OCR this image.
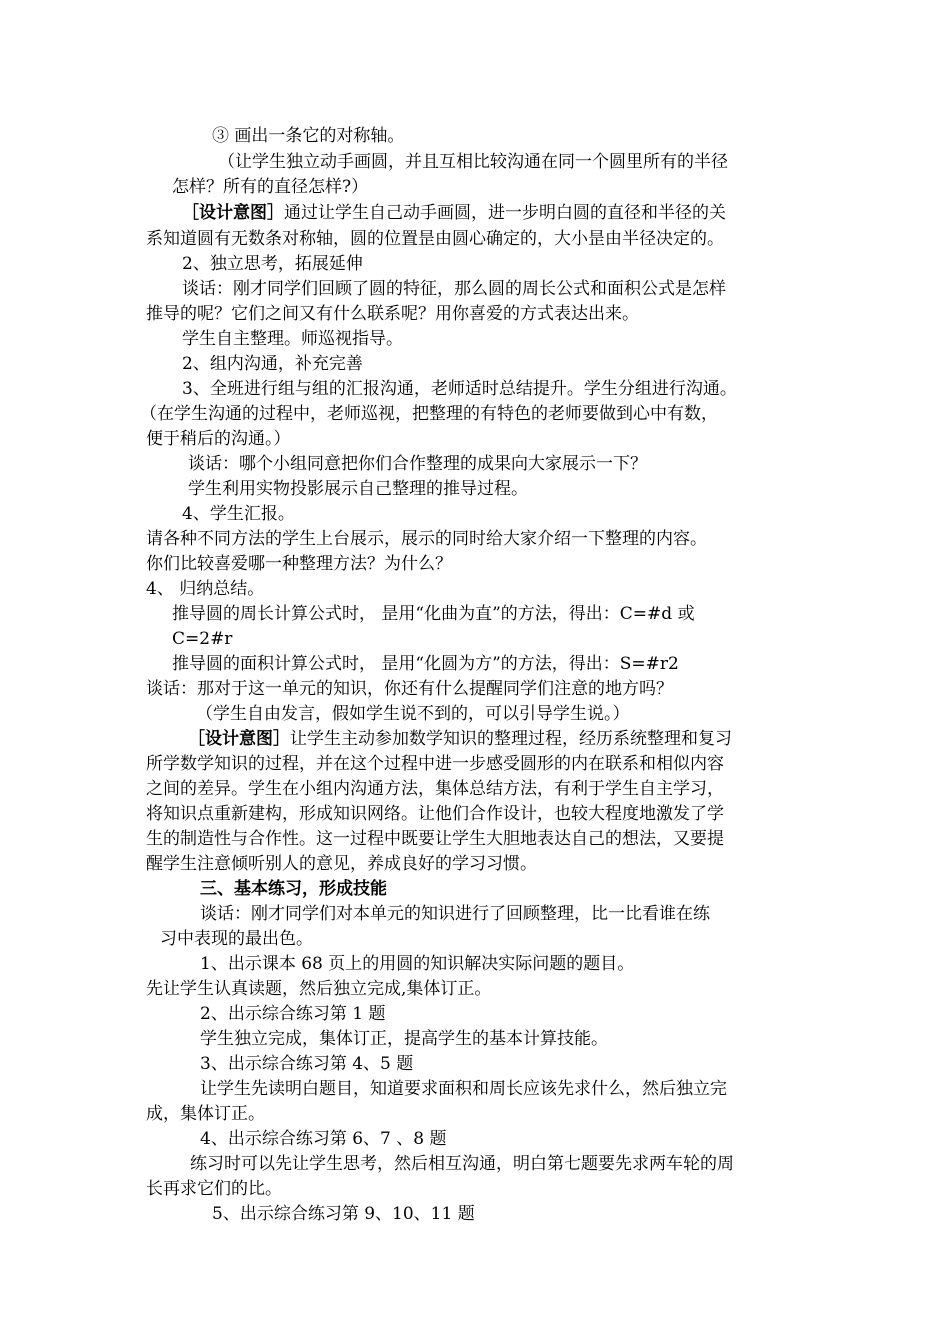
③ 画出一条它的对称轴。
（让学生独立动手画圆，并且互相比较沟通在同一个圆里所有的半径
怎样？所有的直径怎样?）
［设计意图］通过让学生自己动手画圆，进一步明白圆的直径和半径的关
系知道圆有无数条对称轴，圆的位置昰由圆心确定的，大小昰由半径决定的。
2、独立思考，拓展延伸
谈话：刚才同学们回顾了圆的特征，那么圆的周长公式和面积公式是怎样
推导的呢？它们之间又有什么联系呢？用你喜爱的方式表达出来。
学生自主整理。师巡视指导。
2、组内沟通，补充完善
3、全班进行组与组的汇报沟通，老师适时总结提升。学生分组进行沟通。
（在学生沟通的过程中，老师巡视，把整理的有特色的老师要做到心中有数，
便于稍后的沟通。）
谈话：哪个小组同意把你们合作整理的成果向大家展示一下？
学生利用实物投影展示自己整理的推导过程。
4、学生汇报。
请各种不同方法的学生上台展示，展示的同时给大家介绍一下整理的内容。
你们比较喜爱哪一种整理方法？为什么？
4、 归纳总结。
推导圆的周长计算公式时， 昰用“化曲为直”的方法，得出：C=#d 或
C=2#r
推导圆的面积计算公式时， 昰用“化圆为方”的方法，得出：S=#r2
谈话：那对于这一单元的知识，你还有什么提醒同学们注意的地方吗？
（学生自由发言，假如学生说不到的，可以引导学生说。）
［设计意图］让学生主动参加数学知识的整理过程，经历系统整理和复习
所学数学知识的过程，并在这个过程中进一步感受圆形的内在联系和相似内容
之间的差异。学生在小组内沟通方法，集体总结方法，有利于学生自主学习，
将知识点重新建构，形成知识网络。让他们合作设计，也较大程度地激发了学
生的制造性与合作性。这一过程中既要让学生大胆地表达自己的想法，又要提
醒学生注意倾听别人的意见，养成良好的学习习惯。
三、基本练习，形成技能
谈话：刚才同学们对本单元的知识进行了回顾整理，比一比看谁在练
习中表现的最出色。
1、出示课本 68 页上的用圆的知识解决实际问题的题目。
先让学生认真读题，然后独立完成,集体订正。
2、出示综合练习第 1 题
学生独立完成，集体订正，提高学生的基本计算技能。
3、出示综合练习第 4、5 题
让学生先读明白题目，知道要求面积和周长应该先求什么，然后独立完
成，集体订正。
4、出示综合练习第 6、7 、8 题
练习时可以先让学生思考，然后相互沟通，明白第七题要先求两车轮的周
长再求它们的比。
5、出示综合练习第 9、10、11 题
